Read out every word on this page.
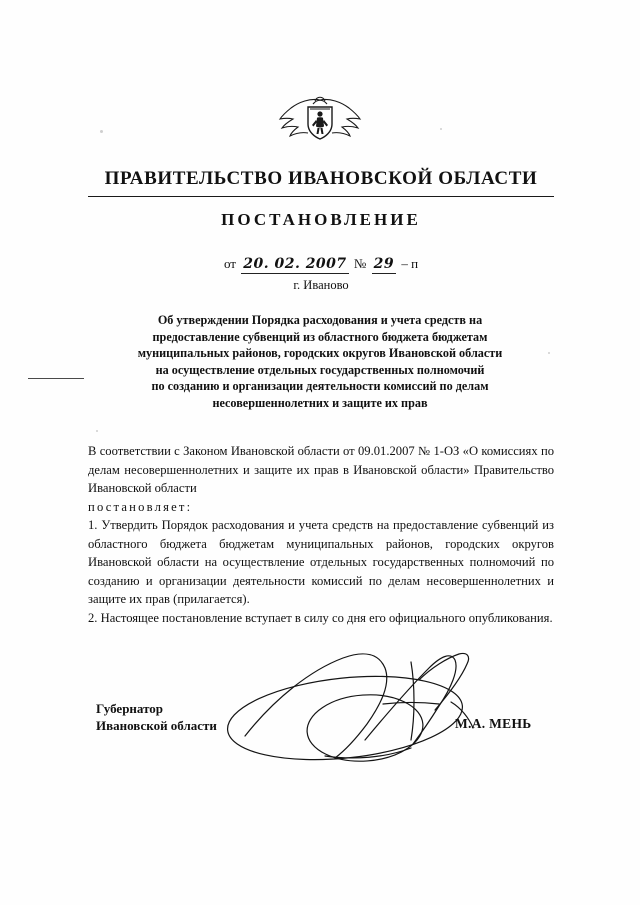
ПРАВИТЕЛЬСТВО ИВАНОВСКОЙ ОБЛАСТИ
ПОСТАНОВЛЕНИЕ
от 20. 02. 2007 № 29 – п
г. Иваново
Об утверждении Порядка расходования и учета средств на
предоставление субвенций из областного бюджета бюджетам
муниципальных районов, городских округов Ивановской области
на осуществление отдельных государственных полномочий
по созданию и организации деятельности комиссий по делам
несовершеннолетних и защите их прав

В соответствии с Законом Ивановской области от 09.01.2007 № 1-ОЗ «О комиссиях по делам несовершеннолетних и защите их прав в Ивановской области» Правительство Ивановской области

постановляет:

1. Утвердить Порядок расходования и учета средств на предоставление субвенций из областного бюджета бюджетам муниципальных районов, городских округов Ивановской области на осуществление отдельных государственных полномочий по созданию и организации деятельности комиссий по делам несовершеннолетних и защите их прав (прилагается).

2. Настоящее постановление вступает в силу со дня его официального опубликования.

Губернатор
Ивановской области	М.А. МЕНЬ
